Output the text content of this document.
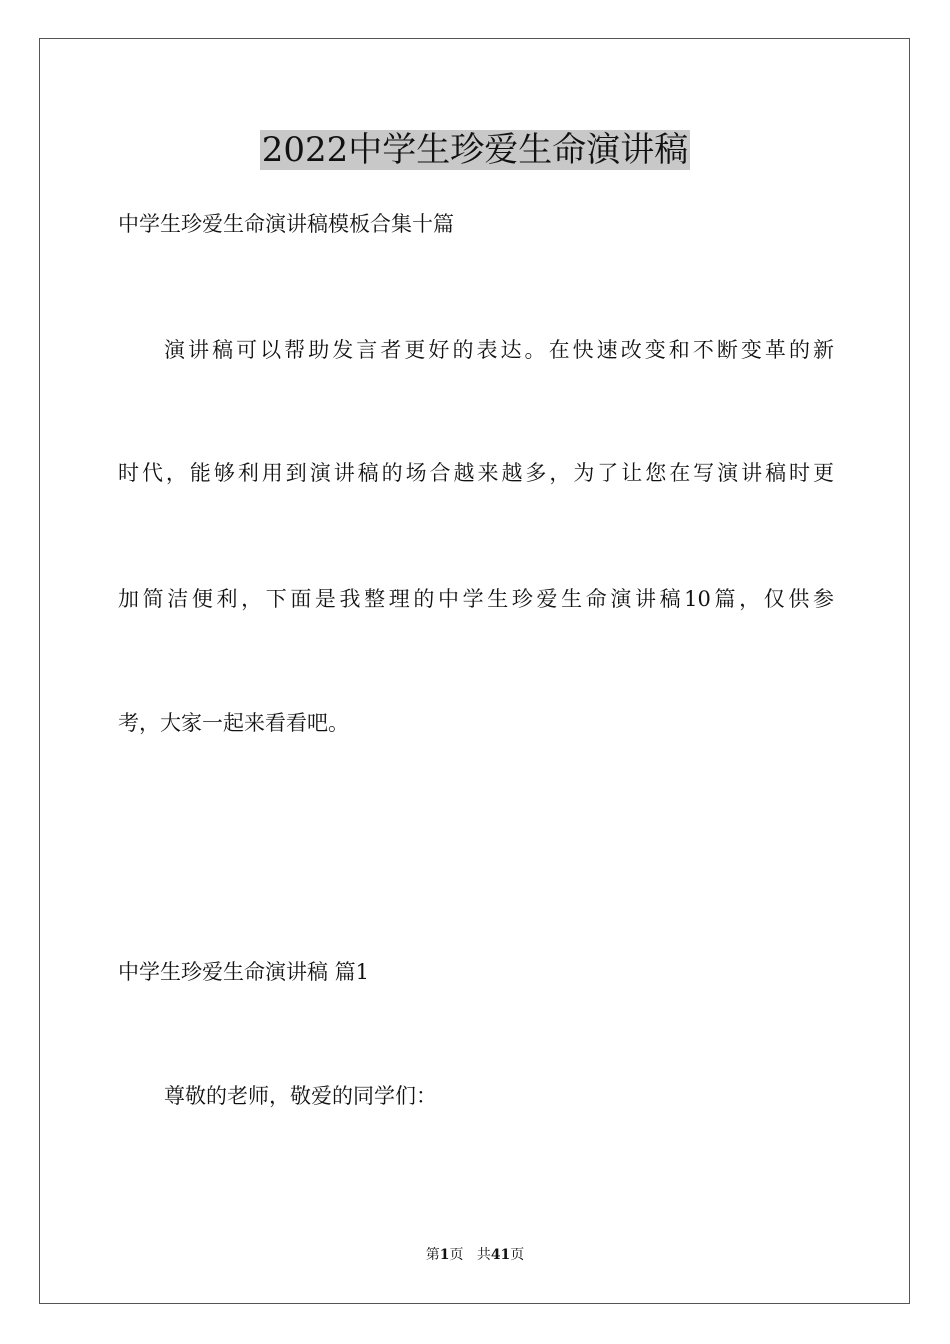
2022中学生珍爱生命演讲稿

中学生珍爱生命演讲稿模板合集十篇

演讲稿可以帮助发言者更好的表达。在快速改变和不断变革的新

时代，能够利用到演讲稿的场合越来越多，为了让您在写演讲稿时更

加简洁便利，下面是我整理的中学生珍爱生命演讲稿10篇，仅供参

考，大家一起来看看吧。

中学生珍爱生命演讲稿 篇1

尊敬的老师，敬爱的同学们：

第1页 共41页
